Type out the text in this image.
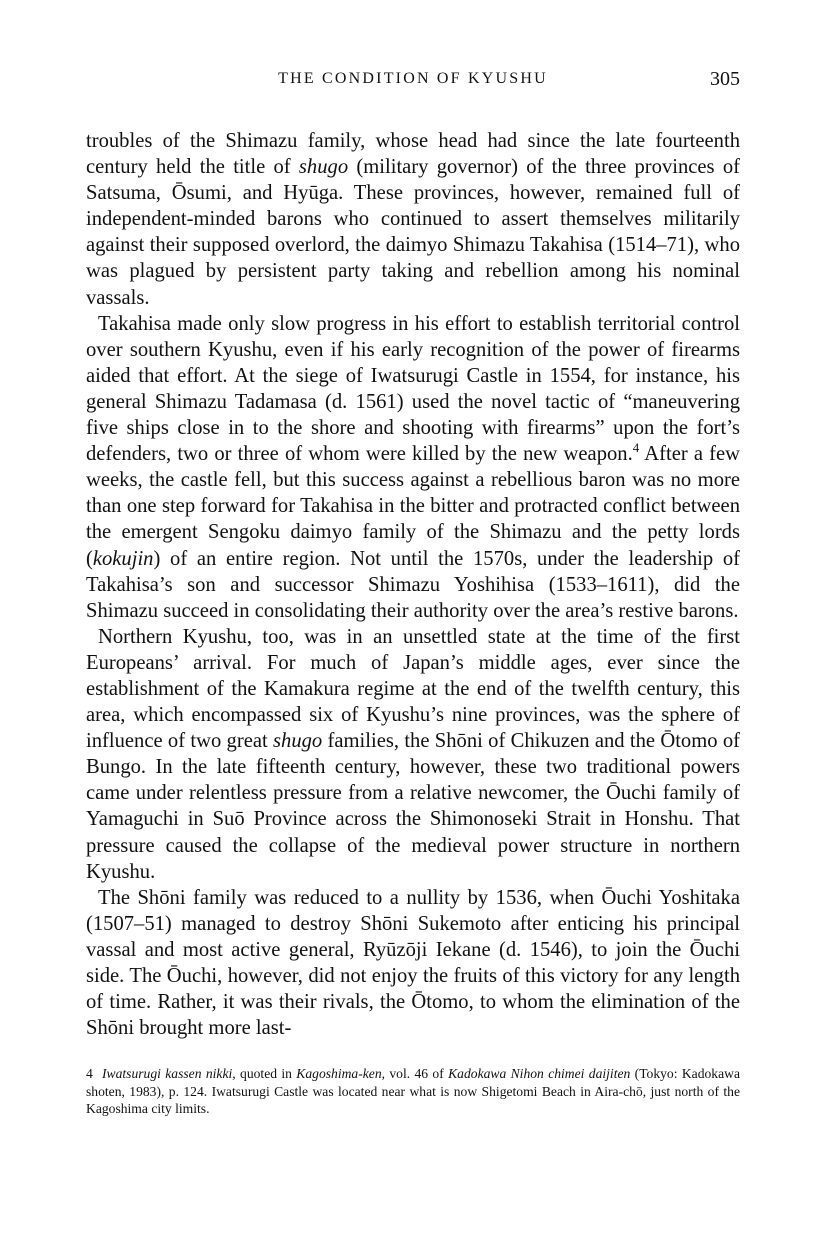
THE CONDITION OF KYUSHU	305

troubles of the Shimazu family, whose head had since the late fourteenth century held the title of shugo (military governor) of the three provinces of Satsuma, Ōsumi, and Hyūga. These provinces, however, remained full of independent-minded barons who continued to assert themselves militarily against their supposed overlord, the daimyo Shimazu Takahisa (1514–71), who was plagued by persistent party taking and rebellion among his nominal vassals.

Takahisa made only slow progress in his effort to establish territorial control over southern Kyushu, even if his early recognition of the power of firearms aided that effort. At the siege of Iwatsurugi Castle in 1554, for instance, his general Shimazu Tadamasa (d. 1561) used the novel tactic of “maneuvering five ships close in to the shore and shooting with firearms” upon the fort’s defenders, two or three of whom were killed by the new weapon.$^4$ After a few weeks, the castle fell, but this success against a rebellious baron was no more than one step forward for Takahisa in the bitter and protracted conflict between the emergent Sengoku daimyo family of the Shimazu and the petty lords (kokujin) of an entire region. Not until the 1570s, under the leadership of Takahisa’s son and successor Shimazu Yoshihisa (1533–1611), did the Shimazu succeed in consolidating their authority over the area’s restive barons.

Northern Kyushu, too, was in an unsettled state at the time of the first Europeans’ arrival. For much of Japan’s middle ages, ever since the establishment of the Kamakura regime at the end of the twelfth century, this area, which encompassed six of Kyushu’s nine provinces, was the sphere of influence of two great shugo families, the Shōni of Chikuzen and the Ōtomo of Bungo. In the late fifteenth century, however, these two traditional powers came under relentless pressure from a relative newcomer, the Ōuchi family of Yamaguchi in Suō Province across the Shimonoseki Strait in Honshu. That pressure caused the collapse of the medieval power structure in northern Kyushu.

The Shōni family was reduced to a nullity by 1536, when Ōuchi Yoshitaka (1507–51) managed to destroy Shōni Sukemoto after enticing his principal vassal and most active general, Ryūzōji Iekane (d. 1546), to join the Ōuchi side. The Ōuchi, however, did not enjoy the fruits of this victory for any length of time. Rather, it was their rivals, the Ōtomo, to whom the elimination of the Shōni brought more last-

4 Iwatsurugi kassen nikki, quoted in Kagoshima-ken, vol. 46 of Kadokawa Nihon chimei daijiten (Tokyo: Kadokawa shoten, 1983), p. 124. Iwatsurugi Castle was located near what is now Shigetomi Beach in Aira-chō, just north of the Kagoshima city limits.
